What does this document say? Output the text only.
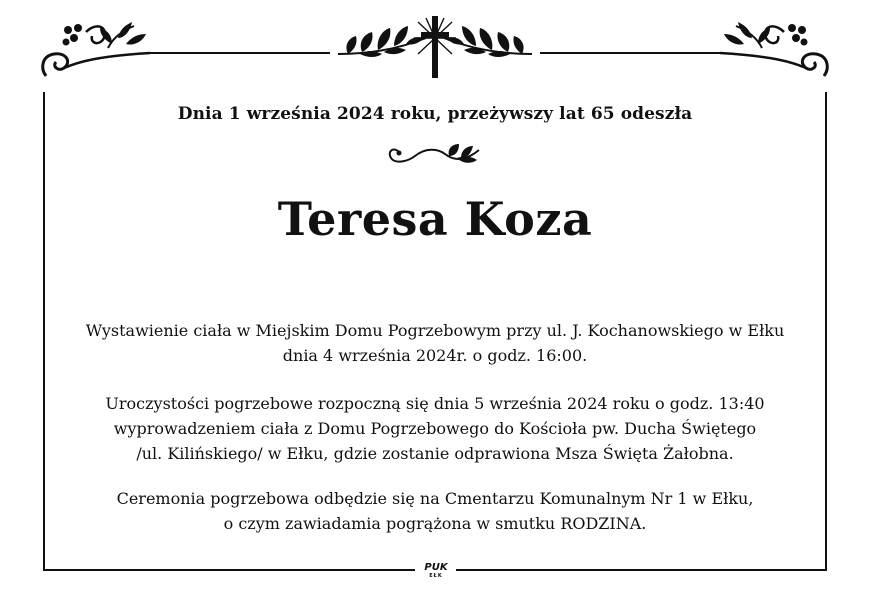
Dnia 1 września 2024 roku, przeżywszy lat 65 odeszła
Teresa Koza
Wystawienie ciała w Miejskim Domu Pogrzebowym przy ul. J. Kochanowskiego w Ełku
dnia 4 września 2024r. o godz. 16:00.
Uroczystości pogrzebowe rozpoczną się dnia 5 września 2024 roku o godz. 13:40
wyprowadzeniem ciała z Domu Pogrzebowego do Kościoła pw. Ducha Świętego
/ul. Kilińskiego/ w Ełku, gdzie zostanie odprawiona Msza Święta Żałobna.
Ceremonia pogrzebowa odbędzie się na Cmentarzu Komunalnym Nr 1 w Ełku,
o czym zawiadamia pogrążona w smutku RODZINA.
PUK
EŁK
